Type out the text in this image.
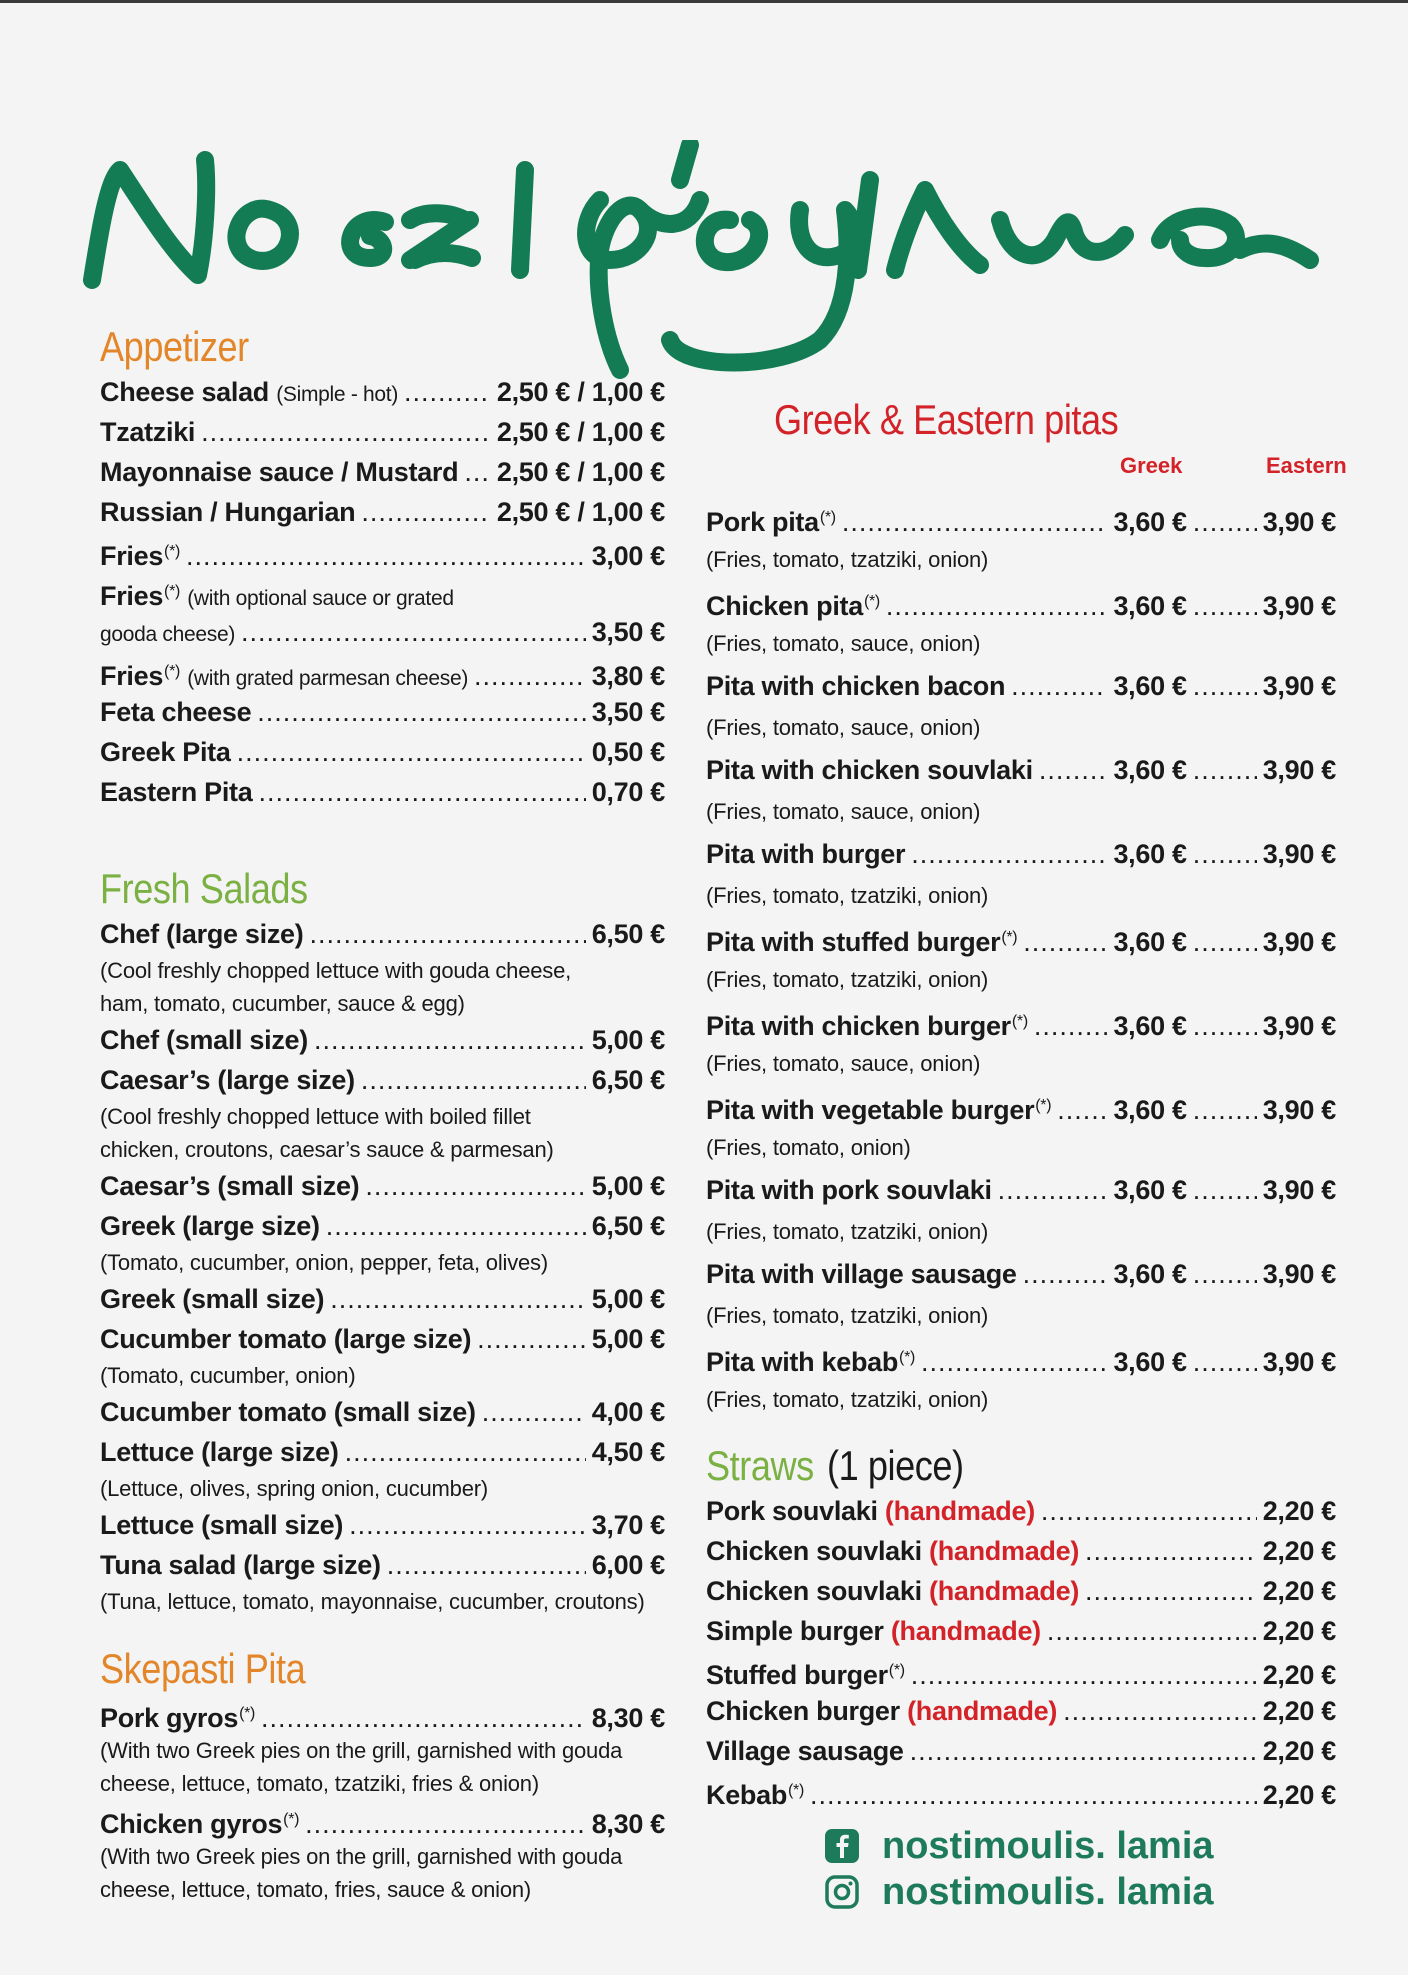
Appetizer
Cheese salad (Simple - hot) .....	2,50 € / 1,00 €
Tzatziki .....	2,50 € / 1,00 €
Mayonnaise sauce / Mustard ..... 2,50 € / 1,00 €
Russian / Hungarian .....	2,50 € / 1,00 €
Fries(*) .....	3,00 €
Fries(*) (with optional sauce or grated
gooda cheese) .....	3,50 €
Fries(*) (with grated parmesan cheese) .....	3,80 €
Feta cheese .....	3,50 €
Greek Pita .....	0,50 €
Eastern Pita .....	0,70 €
Fresh Salads
Chef (large size) .....	6,50 €
(Cool freshly chopped lettuce with gouda cheese,
ham, tomato, cucumber, sauce & egg)
Chef (small size) .....	5,00 €
Caesar’s (large size) .....	6,50 €
(Cool freshly chopped lettuce with boiled fillet
chicken, croutons, caesar’s sauce & parmesan)
Caesar’s (small size) .....	5,00 €
Greek (large size) .....	6,50 €
(Tomato, cucumber, onion, pepper, feta, olives)
Greek (small size) .....	5,00 €
Cucumber tomato (large size) .....	5,00 €
(Tomato, cucumber, onion)
Cucumber tomato (small size) .....	4,00 €
Lettuce (large size) .....	4,50 €
(Lettuce, olives, spring onion, cucumber)
Lettuce (small size) .....	3,70 €
Tuna salad (large size) .....	6,00 €
(Tuna, lettuce, tomato, mayonnaise, cucumber, croutons)
Skepasti Pita
Pork gyros(*) .....	8,30 €
(With two Greek pies on the grill, garnished with gouda
cheese, lettuce, tomato, tzatziki, fries & onion)
Chicken gyros(*) .....	8,30 €
(With two Greek pies on the grill, garnished with gouda
cheese, lettuce, tomato, fries, sauce & onion)
Greek & Eastern pitas
Greek	Eastern
Pork pita(*) .....	3,60 € .....	3,90 €
(Fries, tomato, tzatziki, onion)
Chicken pita(*) .....	3,60 € .....	3,90 €
(Fries, tomato, sauce, onion)
Pita with chicken bacon .....	3,60 € .....	3,90 €
(Fries, tomato, sauce, onion)
Pita with chicken souvlaki .....	3,60 € .....	3,90 €
(Fries, tomato, sauce, onion)
Pita with burger .....	3,60 € .....	3,90 €
(Fries, tomato, tzatziki, onion)
Pita with stuffed burger(*) .....	3,60 € .....	3,90 €
(Fries, tomato, tzatziki, onion)
Pita with chicken burger(*) .....	3,60 € .....	3,90 €
(Fries, tomato, sauce, onion)
Pita with vegetable burger(*) ..... 3,60 € .....	3,90 €
(Fries, tomato, onion)
Pita with pork souvlaki .....	3,60 € .....	3,90 €
(Fries, tomato, tzatziki, onion)
Pita with village sausage .....	3,60 € .....	3,90 €
(Fries, tomato, tzatziki, onion)
Pita with kebab(*) .....	3,60 € .....	3,90 €
(Fries, tomato, tzatziki, onion)
Straws (1 piece)
Pork souvlaki (handmade) .....	2,20 €
Chicken souvlaki (handmade) .....	2,20 €
Chicken souvlaki (handmade) .....	2,20 €
Simple burger (handmade) .....	2,20 €
Stuffed burger(*) .....	2,20 €
Chicken burger (handmade) .....	2,20 €
Village sausage .....	2,20 €
Kebab(*) .....	2,20 €
nostimoulis. lamia
nostimoulis. lamia
